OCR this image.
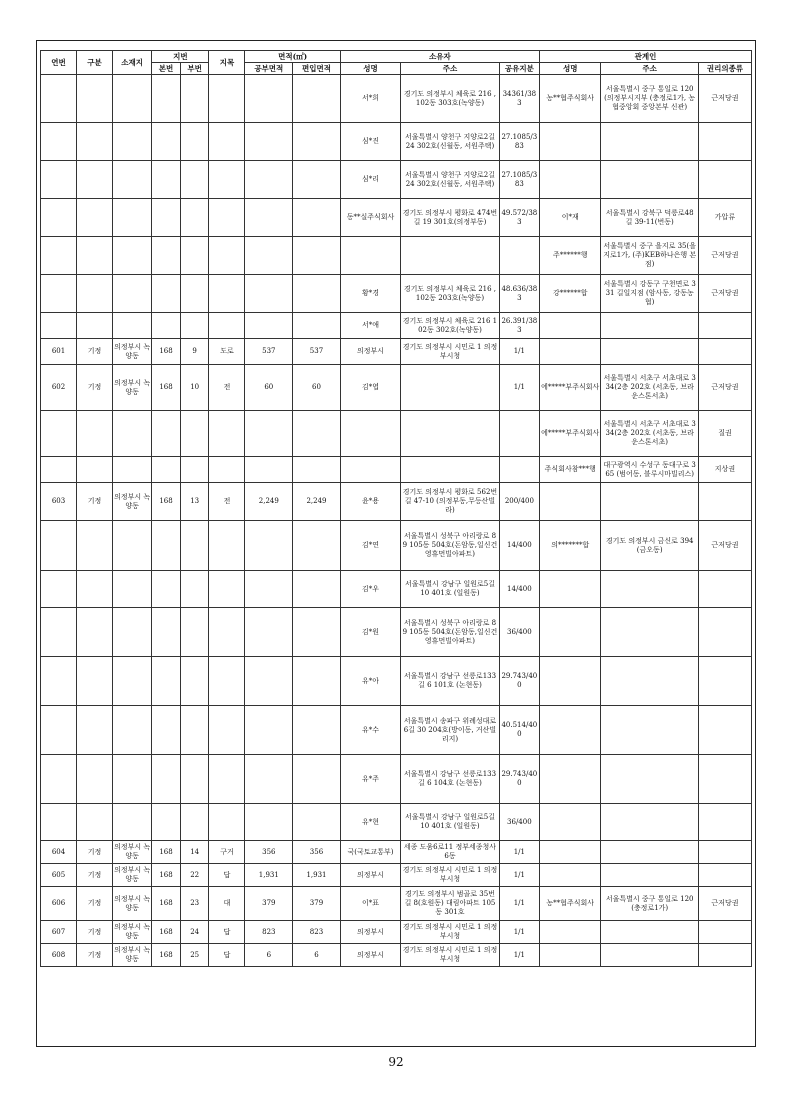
연번	구분	소재지	지번		지목	면적(㎡)		소유자			관계인		
			본번	부번		공부면적	편입면적	성명	주소	공유지분	성명	주소	권리의종류
								서*희	경기도 의정부시 체육로 216 , 102동 303호(녹양동)	34361/383	농**협주식회사	서울특별시 중구 통일로 120(의정부시지부 (충정로1가, 농협중앙회 중앙본부 신관)	근저당권
								심*진	서울특별시 양천구 지양로2길 24 302호(신월동, 서원주택)	27.1085/383			
								심*리	서울특별시 양천구 지양로2길 24 302호(신월동, 서원주택)	27.1085/383			
								동**실주식회사	경기도 의정부시 평화로 474번길 19 301호(의정부동)	49.572/383	이*재	서울특별시 강북구 덕릉로48길 39-11(번동)	가압류
											주******행	서울특별시 중구 을지로 35(을지로1가, (주)KEB하나은행 본점)	근저당권
								황*경	경기도 의정부시 체육로 216 , 102동 203호(녹양동)	48.636/383	강******합	서울특별시 강동구 구천면로 331 길일지점 (암사동, 강동농협)	근저당권
								서*애	경기도 의정부시 체육로 216 102동 302호(녹양동)	26.391/383			
601	기정	의정부시 녹양동	168	9	도로	537	537	의정부시	경기도 의정부시 시민로 1 의정부시청	1/1			
602	기정	의정부시 녹양동	168	10	전	60	60	김*엽		1/1	에*****부주식회사	서울특별시 서초구 서초대로 334(2층 202호 (서초동, 브라운스톤서초)	근저당권
											에*****부주식회사	서울특별시 서초구 서초대로 334(2층 202호 (서초동, 브라운스톤서초)	질권
											주식회사참***행	대구광역시 수성구 동대구로 365 (범어동, 블루시마빌리스)	지상권
603	기정	의정부시 녹양동	168	13	전	2,249	2,249	윤*용	경기도 의정부시 평화로 562번길 47-10 (의정부동,무등산빌라)	200/400			
								김*연	서울특별시 성북구 아리랑로 89 105동 504호(돈암동,일신건영휴먼빌아파트)	14/400	의*******합	경기도 의정부시 금신로 394(금오동)	근저당권
								김*우	서울특별시 강남구 일원로5길 10 401호 (일원동)	14/400			
								김*원	서울특별시 성북구 아리랑로 89 105동 504호(돈암동,일신건영휴먼빌아파트)	36/400			
								유*아	서울특별시 강남구 선릉로133길 6 101호 (논현동)	29.743/400			
								유*수	서울특별시 송파구 위례성대로6길 30 204호(방이동, 거산빌리지)	40.514/400			
								유*주	서울특별시 강남구 선릉로133길 6 104호 (논현동)	29.743/400			
								유*현	서울특별시 강남구 일원로5길 10 401호 (일원동)	36/400			
604	기정	의정부시 녹양동	168	14	구거	356	356	국(국토교통부)	세종 도움6로11 정부세종청사 6동	1/1			
605	기정	의정부시 녹양동	168	22	답	1,931	1,931	의정부시	경기도 의정부시 시민로 1 의정부시청	1/1			
606	기정	의정부시 녹양동	168	23	대	379	379	이*표	경기도 의정부시 범골로 35번길 8(호원동) 대림아파트 105동 301호	1/1	농**협주식회사	서울특별시 중구 통일로 120(충정로1가)	근저당권
607	기정	의정부시 녹양동	168	24	답	823	823	의정부시	경기도 의정부시 시민로 1 의정부시청	1/1			
608	기정	의정부시 녹양동	168	25	답	6	6	의정부시	경기도 의정부시 시민로 1 의정부시청	1/1			
92
